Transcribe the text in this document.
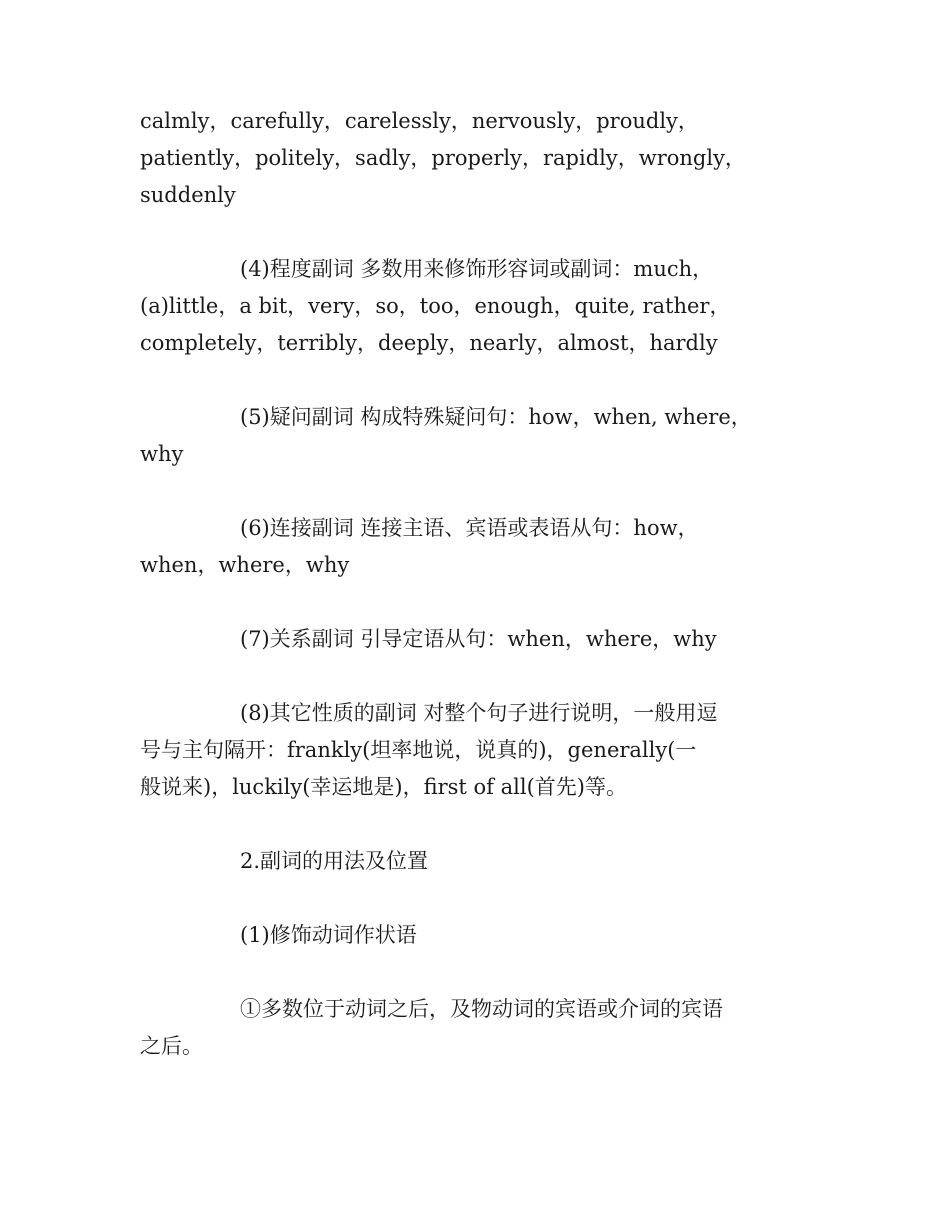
calmly，carefully，carelessly，nervously，proudly，
patiently，politely，sadly，properly，rapidly，wrongly，
suddenly

(4)程度副词 多数用来修饰形容词或副词：much，
(a)little，a bit，very，so，too，enough，quite, rather，
completely，terribly，deeply，nearly，almost，hardly

(5)疑问副词 构成特殊疑问句：how，when, where，
why

(6)连接副词 连接主语、宾语或表语从句：how，
when，where，why

(7)关系副词 引导定语从句：when，where，why

(8)其它性质的副词 对整个句子进行说明，一般用逗
号与主句隔开：frankly(坦率地说，说真的)，generally(一
般说来)，luckily(幸运地是)，first of all(首先)等。

2.副词的用法及位置

(1)修饰动词作状语

①多数位于动词之后，及物动词的宾语或介词的宾语
之后。
